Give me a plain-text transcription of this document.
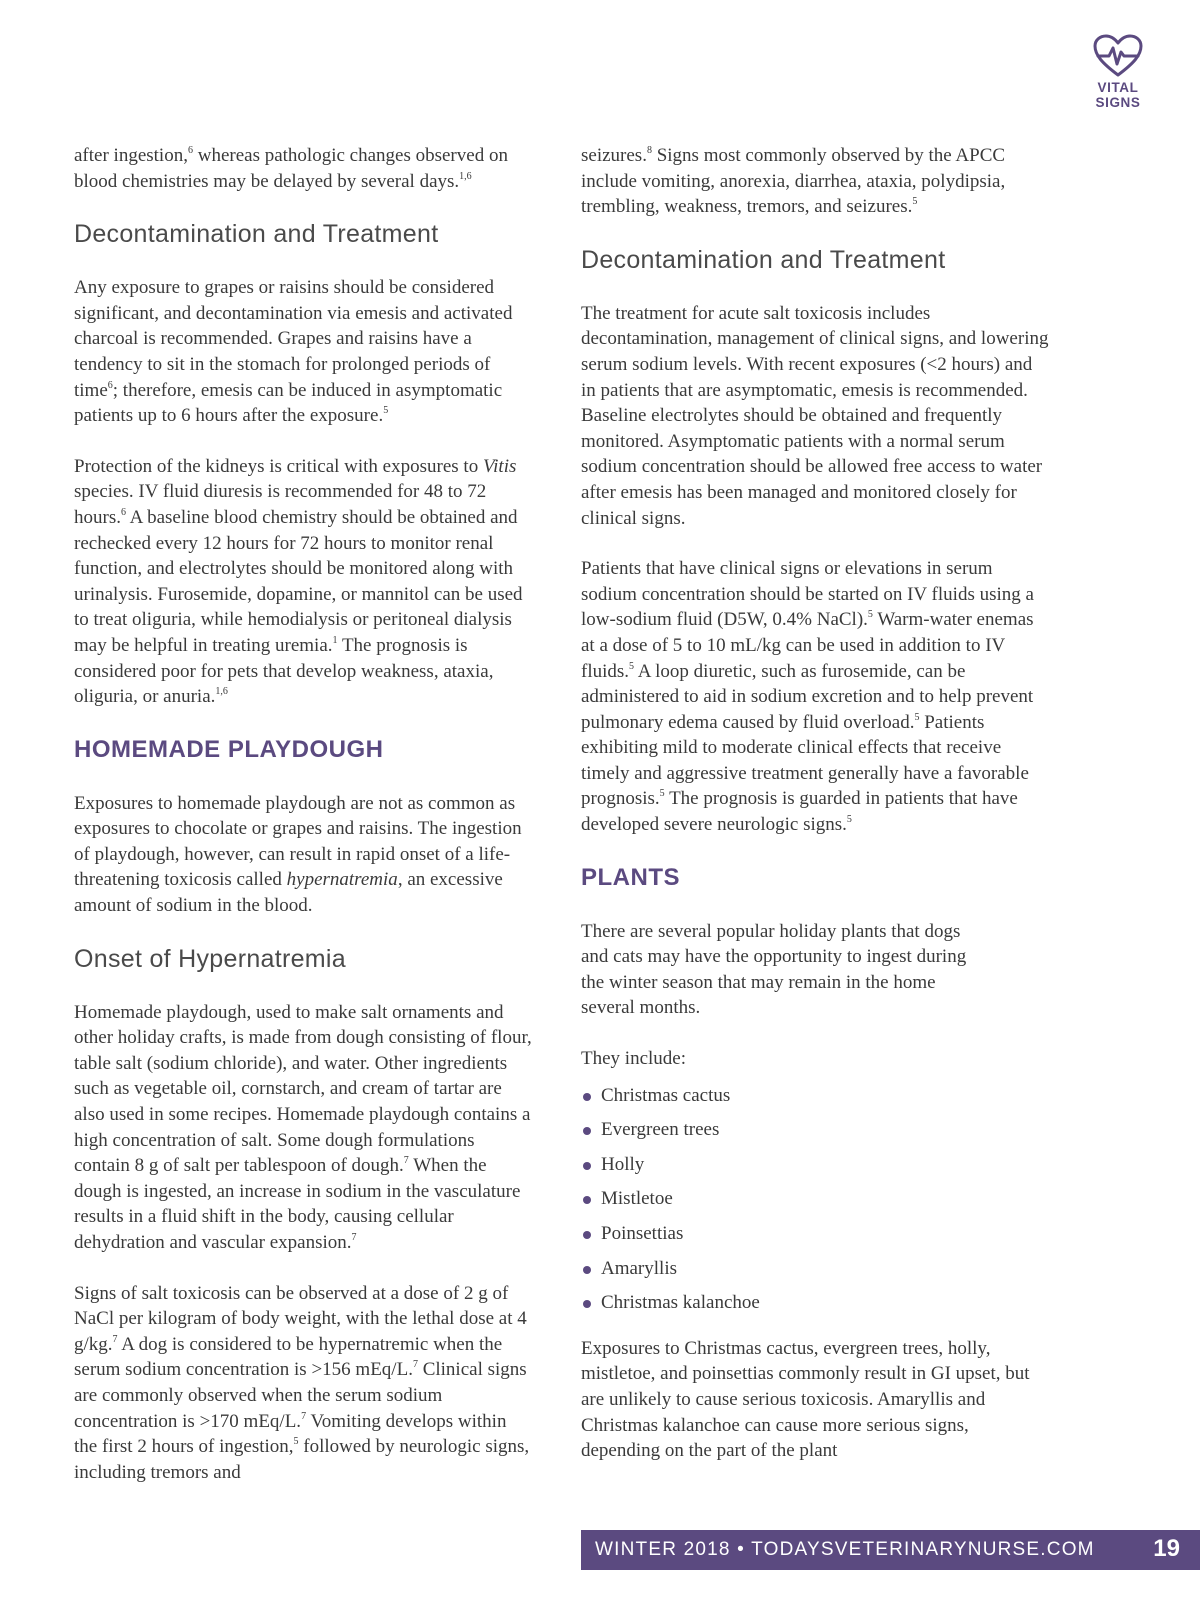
VITAL SIGNS

after ingestion,$^6$ whereas pathologic changes observed on blood chemistries may be delayed by several days.$^{1,6}$

Decontamination and Treatment

Any exposure to grapes or raisins should be considered significant, and decontamination via emesis and activated charcoal is recommended. Grapes and raisins have a tendency to sit in the stomach for prolonged periods of time$^6$; therefore, emesis can be induced in asymptomatic patients up to 6 hours after the exposure.$^5$

Protection of the kidneys is critical with exposures to Vitis species. IV fluid diuresis is recommended for 48 to 72 hours.$^6$ A baseline blood chemistry should be obtained and rechecked every 12 hours for 72 hours to monitor renal function, and electrolytes should be monitored along with urinalysis. Furosemide, dopamine, or mannitol can be used to treat oliguria, while hemodialysis or peritoneal dialysis may be helpful in treating uremia.$^1$ The prognosis is considered poor for pets that develop weakness, ataxia, oliguria, or anuria.$^{1,6}$

HOMEMADE PLAYDOUGH

Exposures to homemade playdough are not as common as exposures to chocolate or grapes and raisins. The ingestion of playdough, however, can result in rapid onset of a life-threatening toxicosis called hypernatremia, an excessive amount of sodium in the blood.

Onset of Hypernatremia

Homemade playdough, used to make salt ornaments and other holiday crafts, is made from dough consisting of flour, table salt (sodium chloride), and water. Other ingredients such as vegetable oil, cornstarch, and cream of tartar are also used in some recipes. Homemade playdough contains a high concentration of salt. Some dough formulations contain 8 g of salt per tablespoon of dough.$^7$ When the dough is ingested, an increase in sodium in the vasculature results in a fluid shift in the body, causing cellular dehydration and vascular expansion.$^7$

Signs of salt toxicosis can be observed at a dose of 2 g of NaCl per kilogram of body weight, with the lethal dose at 4 g/kg.$^7$ A dog is considered to be hypernatremic when the serum sodium concentration is >156 mEq/L.$^7$ Clinical signs are commonly observed when the serum sodium concentration is >170 mEq/L.$^7$ Vomiting develops within the first 2 hours of ingestion,$^5$ followed by neurologic signs, including tremors and

seizures.$^8$ Signs most commonly observed by the APCC include vomiting, anorexia, diarrhea, ataxia, polydipsia, trembling, weakness, tremors, and seizures.$^5$

Decontamination and Treatment

The treatment for acute salt toxicosis includes decontamination, management of clinical signs, and lowering serum sodium levels. With recent exposures (<2 hours) and in patients that are asymptomatic, emesis is recommended. Baseline electrolytes should be obtained and frequently monitored. Asymptomatic patients with a normal serum sodium concentration should be allowed free access to water after emesis has been managed and monitored closely for clinical signs.

Patients that have clinical signs or elevations in serum sodium concentration should be started on IV fluids using a low-sodium fluid (D5W, 0.4% NaCl).$^5$ Warm-water enemas at a dose of 5 to 10 mL/kg can be used in addition to IV fluids.$^5$ A loop diuretic, such as furosemide, can be administered to aid in sodium excretion and to help prevent pulmonary edema caused by fluid overload.$^5$ Patients exhibiting mild to moderate clinical effects that receive timely and aggressive treatment generally have a favorable prognosis.$^5$ The prognosis is guarded in patients that have developed severe neurologic signs.$^5$

PLANTS

There are several popular holiday plants that dogs and cats may have the opportunity to ingest during the winter season that may remain in the home several months.

They include:

Christmas cactus
Evergreen trees
Holly
Mistletoe
Poinsettias
Amaryllis
Christmas kalanchoe

Exposures to Christmas cactus, evergreen trees, holly, mistletoe, and poinsettias commonly result in GI upset, but are unlikely to cause serious toxicosis. Amaryllis and Christmas kalanchoe can cause more serious signs, depending on the part of the plant

WINTER 2018 • TODAYSVETERINARYNURSE.COM 19
